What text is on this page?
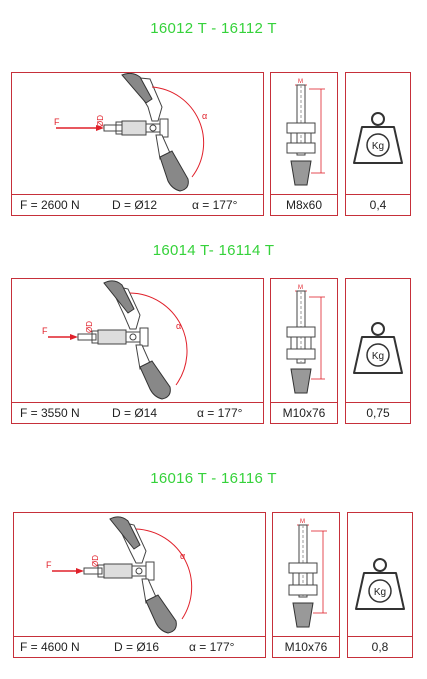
16012 T - 16112 T
F	ØD	α
F = 2600 N	D = Ø12	α = 177°
M
M8x60
Kg
0,4
16014 T- 16114 T
F	ØD	α
F = 3550 N	D = Ø14	α = 177°
M
M10x76
Kg
0,75
16016 T - 16116 T
F	ØD	α
F = 4600 N	D = Ø16 α = 177°
M
M10x76
Kg
0,8
